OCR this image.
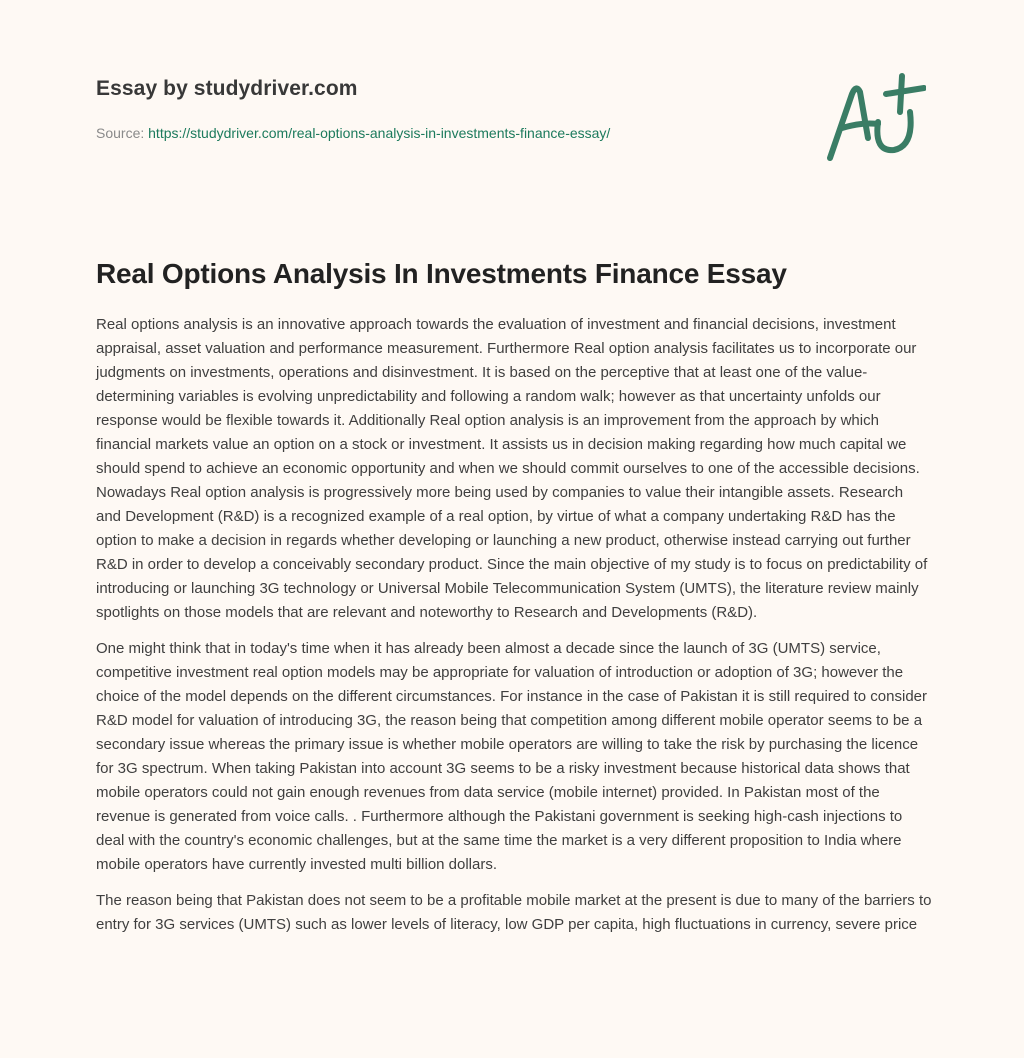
Essay by studydriver.com
Source: https://studydriver.com/real-options-analysis-in-investments-finance-essay/
Real Options Analysis In Investments Finance Essay

Real options analysis is an innovative approach towards the evaluation of investment and financial decisions, investment appraisal, asset valuation and performance measurement. Furthermore Real option analysis facilitates us to incorporate our judgments on investments, operations and disinvestment. It is based on the perceptive that at least one of the value-determining variables is evolving unpredictability and following a random walk; however as that uncertainty unfolds our response would be flexible towards it. Additionally Real option analysis is an improvement from the approach by which financial markets value an option on a stock or investment. It assists us in decision making regarding how much capital we should spend to achieve an economic opportunity and when we should commit ourselves to one of the accessible decisions. Nowadays Real option analysis is progressively more being used by companies to value their intangible assets. Research and Development (R&D) is a recognized example of a real option, by virtue of what a company undertaking R&D has the option to make a decision in regards whether developing or launching a new product, otherwise instead carrying out further R&D in order to develop a conceivably secondary product. Since the main objective of my study is to focus on predictability of introducing or launching 3G technology or Universal Mobile Telecommunication System (UMTS), the literature review mainly spotlights on those models that are relevant and noteworthy to Research and Developments (R&D).

One might think that in today's time when it has already been almost a decade since the launch of 3G (UMTS) service, competitive investment real option models may be appropriate for valuation of introduction or adoption of 3G; however the choice of the model depends on the different circumstances. For instance in the case of Pakistan it is still required to consider R&D model for valuation of introducing 3G, the reason being that competition among different mobile operator seems to be a secondary issue whereas the primary issue is whether mobile operators are willing to take the risk by purchasing the licence for 3G spectrum. When taking Pakistan into account 3G seems to be a risky investment because historical data shows that mobile operators could not gain enough revenues from data service (mobile internet) provided. In Pakistan most of the revenue is generated from voice calls. . Furthermore although the Pakistani government is seeking high-cash injections to deal with the country's economic challenges, but at the same time the market is a very different proposition to India where mobile operators have currently invested multi billion dollars.

The reason being that Pakistan does not seem to be a profitable mobile market at the present is due to many of the barriers to entry for 3G services (UMTS) such as lower levels of literacy, low GDP per capita, high fluctuations in currency, severe price
